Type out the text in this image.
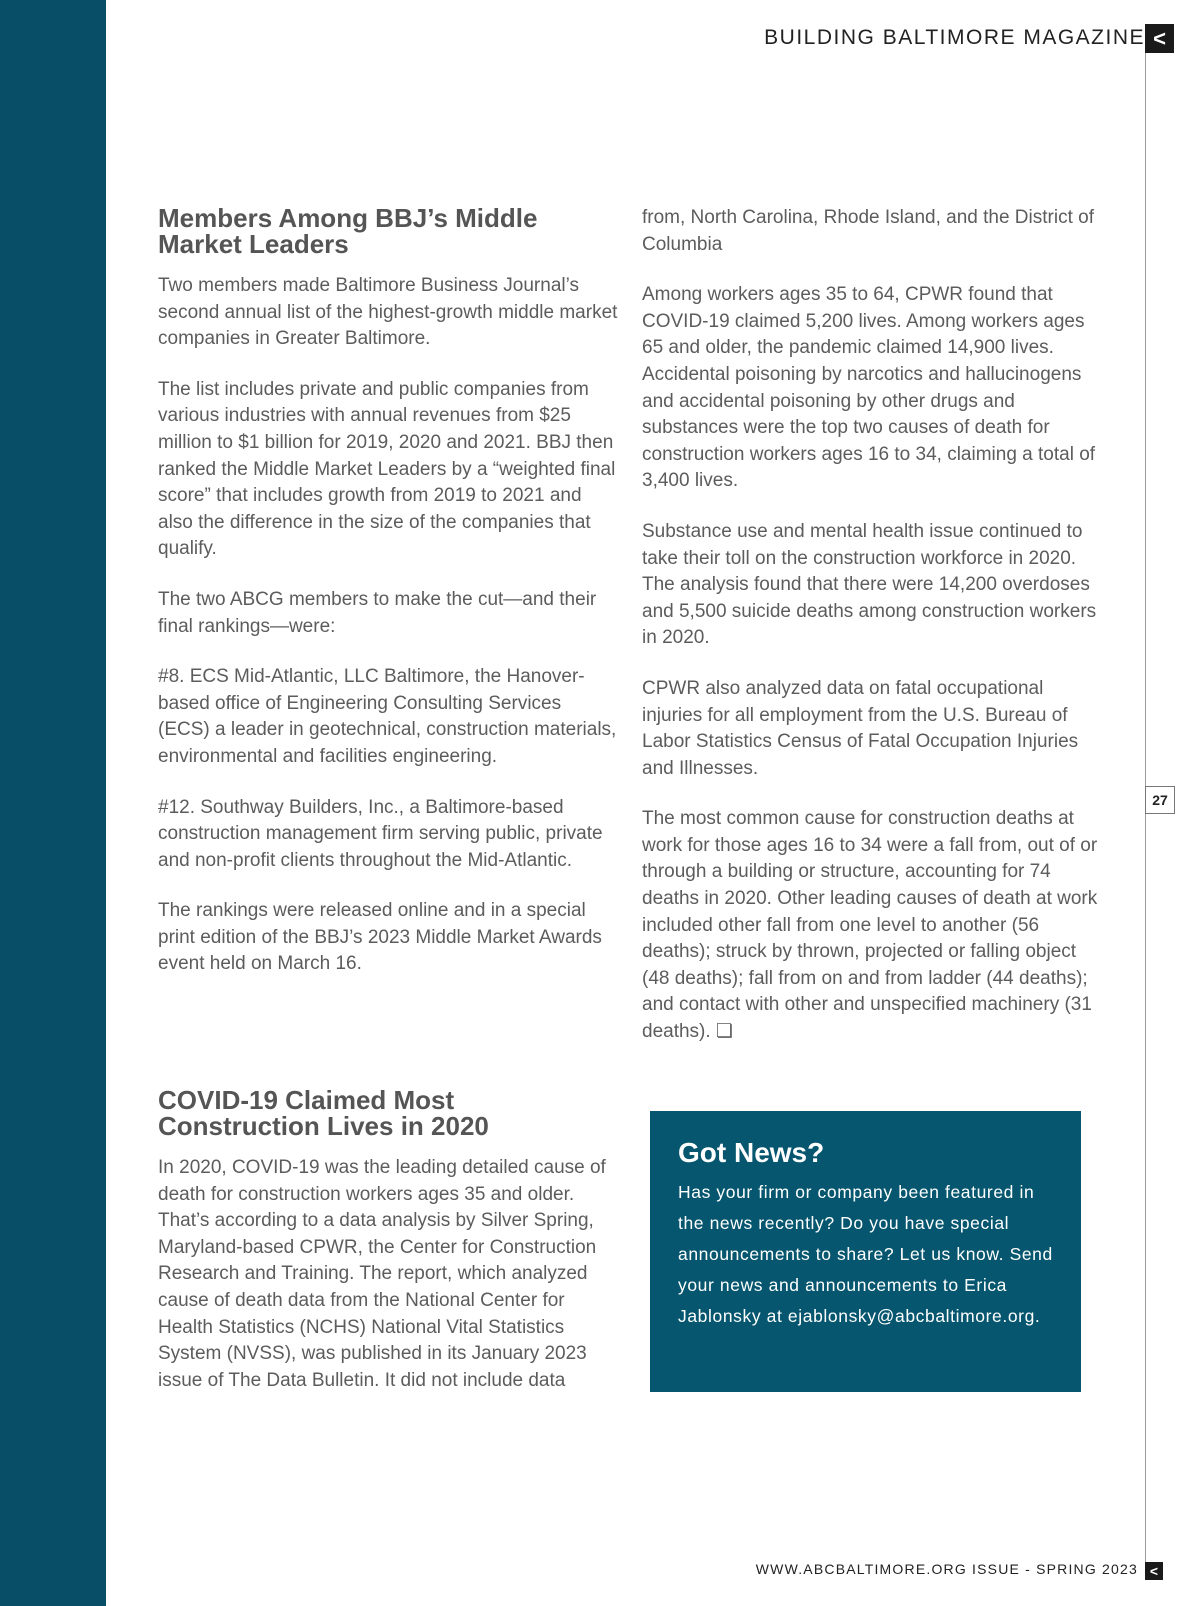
BUILDING BALTIMORE MAGAZINE <
27
Members Among BBJ’s Middle Market Leaders

Two members made Baltimore Business Journal’s second annual list of the highest-growth middle market companies in Greater Baltimore.

The list includes private and public companies from various industries with annual revenues from $25 million to $1 billion for 2019, 2020 and 2021. BBJ then ranked the Middle Market Leaders by a “weighted final score” that includes growth from 2019 to 2021 and also the difference in the size of the companies that qualify.

The two ABCG members to make the cut—and their final rankings—were:

#8. ECS Mid-Atlantic, LLC Baltimore, the Hanover-based office of Engineering Consulting Services (ECS) a leader in geotechnical, construction materials, environmental and facilities engineering.

#12. Southway Builders, Inc., a Baltimore-based construction management firm serving public, private and non-profit clients throughout the Mid-Atlantic.

The rankings were released online and in a special print edition of the BBJ’s 2023 Middle Market Awards event held on March 16.

COVID-19 Claimed Most Construction Lives in 2020

In 2020, COVID-19 was the leading detailed cause of death for construction workers ages 35 and older. That’s according to a data analysis by Silver Spring, Maryland-based CPWR, the Center for Construction Research and Training. The report, which analyzed cause of death data from the National Center for Health Statistics (NCHS) National Vital Statistics System (NVSS), was published in its January 2023 issue of The Data Bulletin. It did not include data

from, North Carolina, Rhode Island, and the District of Columbia

Among workers ages 35 to 64, CPWR found that COVID-19 claimed 5,200 lives. Among workers ages 65 and older, the pandemic claimed 14,900 lives. Accidental poisoning by narcotics and hallucinogens and accidental poisoning by other drugs and substances were the top two causes of death for construction workers ages 16 to 34, claiming a total of 3,400 lives.

Substance use and mental health issue continued to take their toll on the construction workforce in 2020. The analysis found that there were 14,200 overdoses and 5,500 suicide deaths among construction workers in 2020.

CPWR also analyzed data on fatal occupational injuries for all employment from the U.S. Bureau of Labor Statistics Census of Fatal Occupation Injuries and Illnesses.

The most common cause for construction deaths at work for those ages 16 to 34 were a fall from, out of or through a building or structure, accounting for 74 deaths in 2020. Other leading causes of death at work included other fall from one level to another (56 deaths); struck by thrown, projected or falling object (48 deaths); fall from on and from ladder (44 deaths); and contact with other and unspecified machinery (31 deaths). ❏

Got News?

Has your firm or company been featured in the news recently? Do you have special announcements to share? Let us know. Send your news and announcements to Erica Jablonsky at ejablonsky@abcbaltimore.org.

WWW.ABCBALTIMORE.ORG ISSUE - SPRING 2023 <
